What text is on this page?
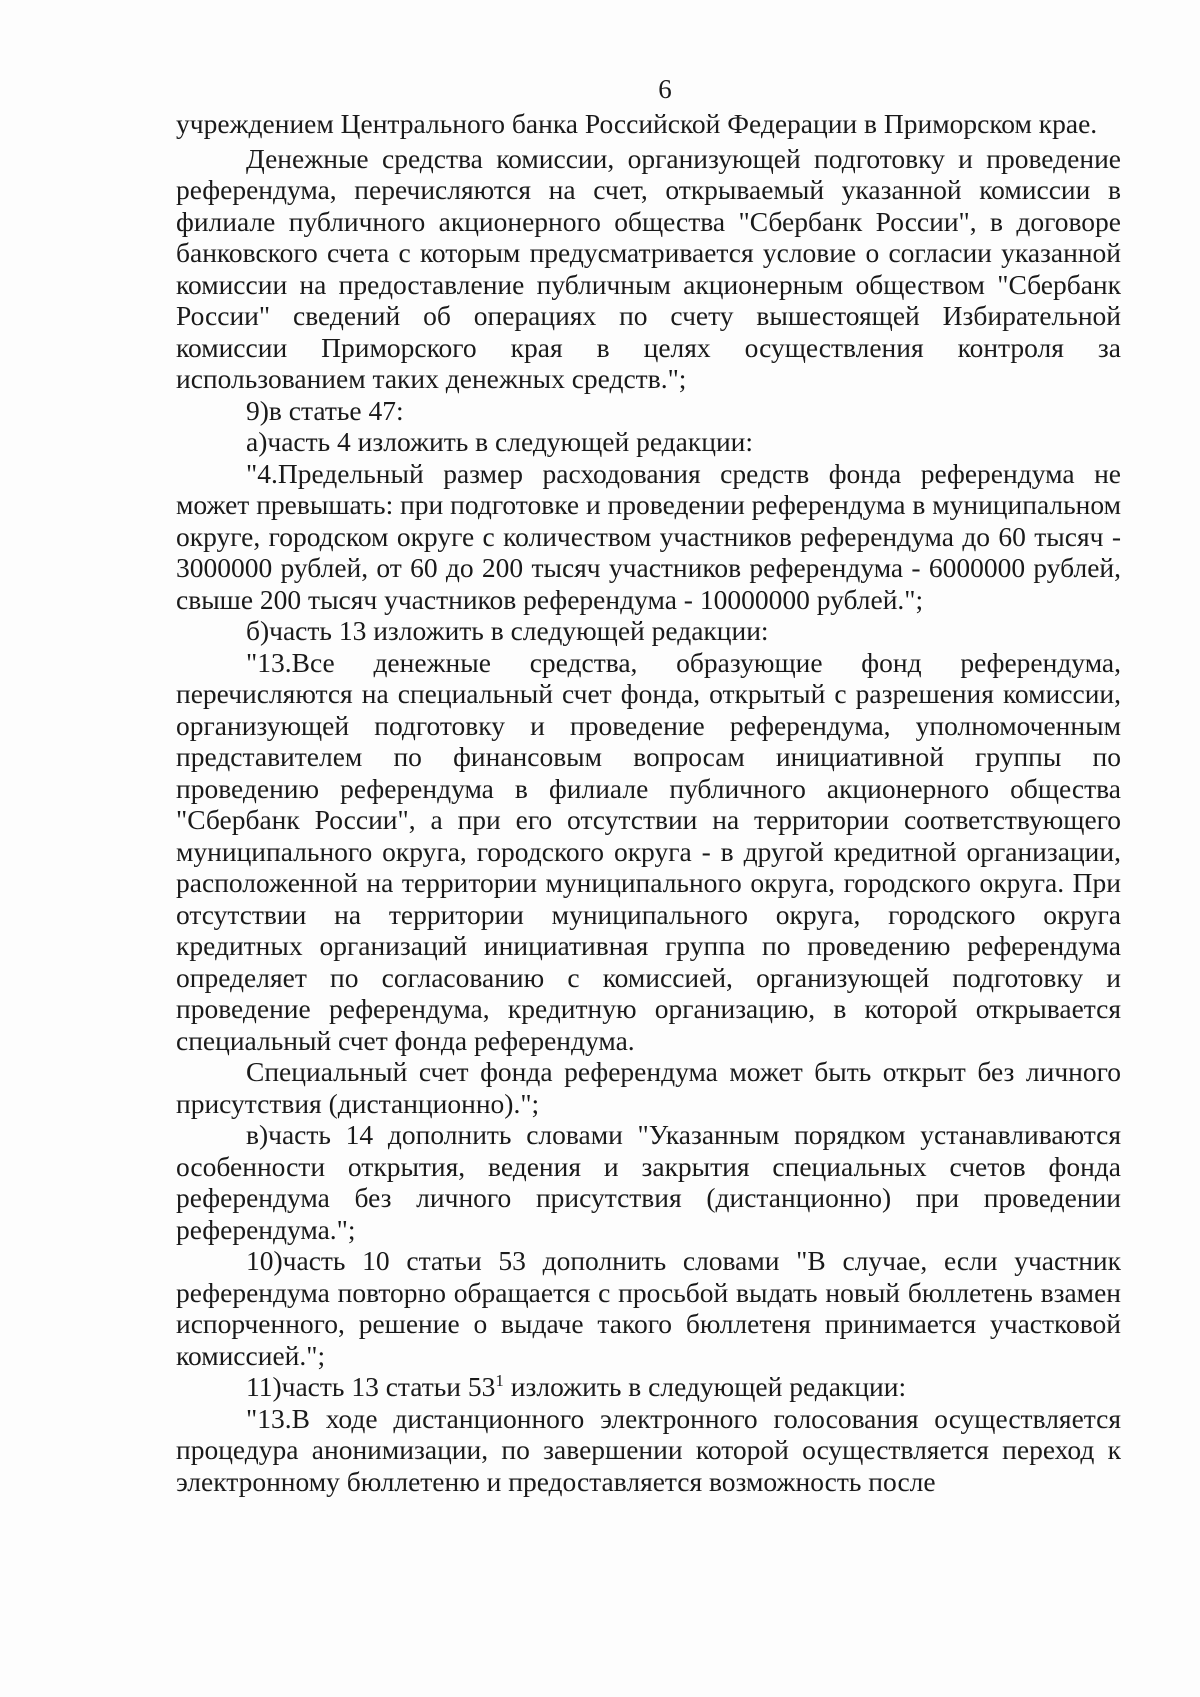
6

учреждением Центрального банка Российской Федерации в Приморском крае.

Денежные средства комиссии, организующей подготовку и проведение референдума, перечисляются на счет, открываемый указанной комиссии в филиале публичного акционерного общества "Сбербанк России", в договоре банковского счета с которым предусматривается условие о согласии указанной комиссии на предоставление публичным акционерным обществом "Сбербанк России" сведений об операциях по счету вышестоящей Избирательной комиссии Приморского края в целях осуществления контроля за использованием таких денежных средств.";

9)в статье 47:

а)часть 4 изложить в следующей редакции:

"4.Предельный размер расходования средств фонда референдума не может превышать: при подготовке и проведении референдума в муниципальном округе, городском округе с количеством участников референдума до 60 тысяч - 3000000 рублей, от 60 до 200 тысяч участников референдума - 6000000 рублей, свыше 200 тысяч участников референдума - 10000000 рублей.";

б)часть 13 изложить в следующей редакции:

"13.Все денежные средства, образующие фонд референдума, перечисляются на специальный счет фонда, открытый с разрешения комиссии, организующей подготовку и проведение референдума, уполномоченным представителем по финансовым вопросам инициативной группы по проведению референдума в филиале публичного акционерного общества "Сбербанк России", а при его отсутствии на территории соответствующего муниципального округа, городского округа - в другой кредитной организации, расположенной на территории муниципального округа, городского округа. При отсутствии на территории муниципального округа, городского округа кредитных организаций инициативная группа по проведению референдума определяет по согласованию с комиссией, организующей подготовку и проведение референдума, кредитную организацию, в которой открывается специальный счет фонда референдума.

Специальный счет фонда референдума может быть открыт без личного присутствия (дистанционно).";

в)часть 14 дополнить словами "Указанным порядком устанавливаются особенности открытия, ведения и закрытия специальных счетов фонда референдума без личного присутствия (дистанционно) при проведении референдума.";

10)часть 10 статьи 53 дополнить словами "В случае, если участник референдума повторно обращается с просьбой выдать новый бюллетень взамен испорченного, решение о выдаче такого бюллетеня принимается участковой комиссией.";

11)часть 13 статьи $53^1$ изложить в следующей редакции:

"13.В ходе дистанционного электронного голосования осуществляется процедура анонимизации, по завершении которой осуществляется переход к электронному бюллетеню и предоставляется возможность после
